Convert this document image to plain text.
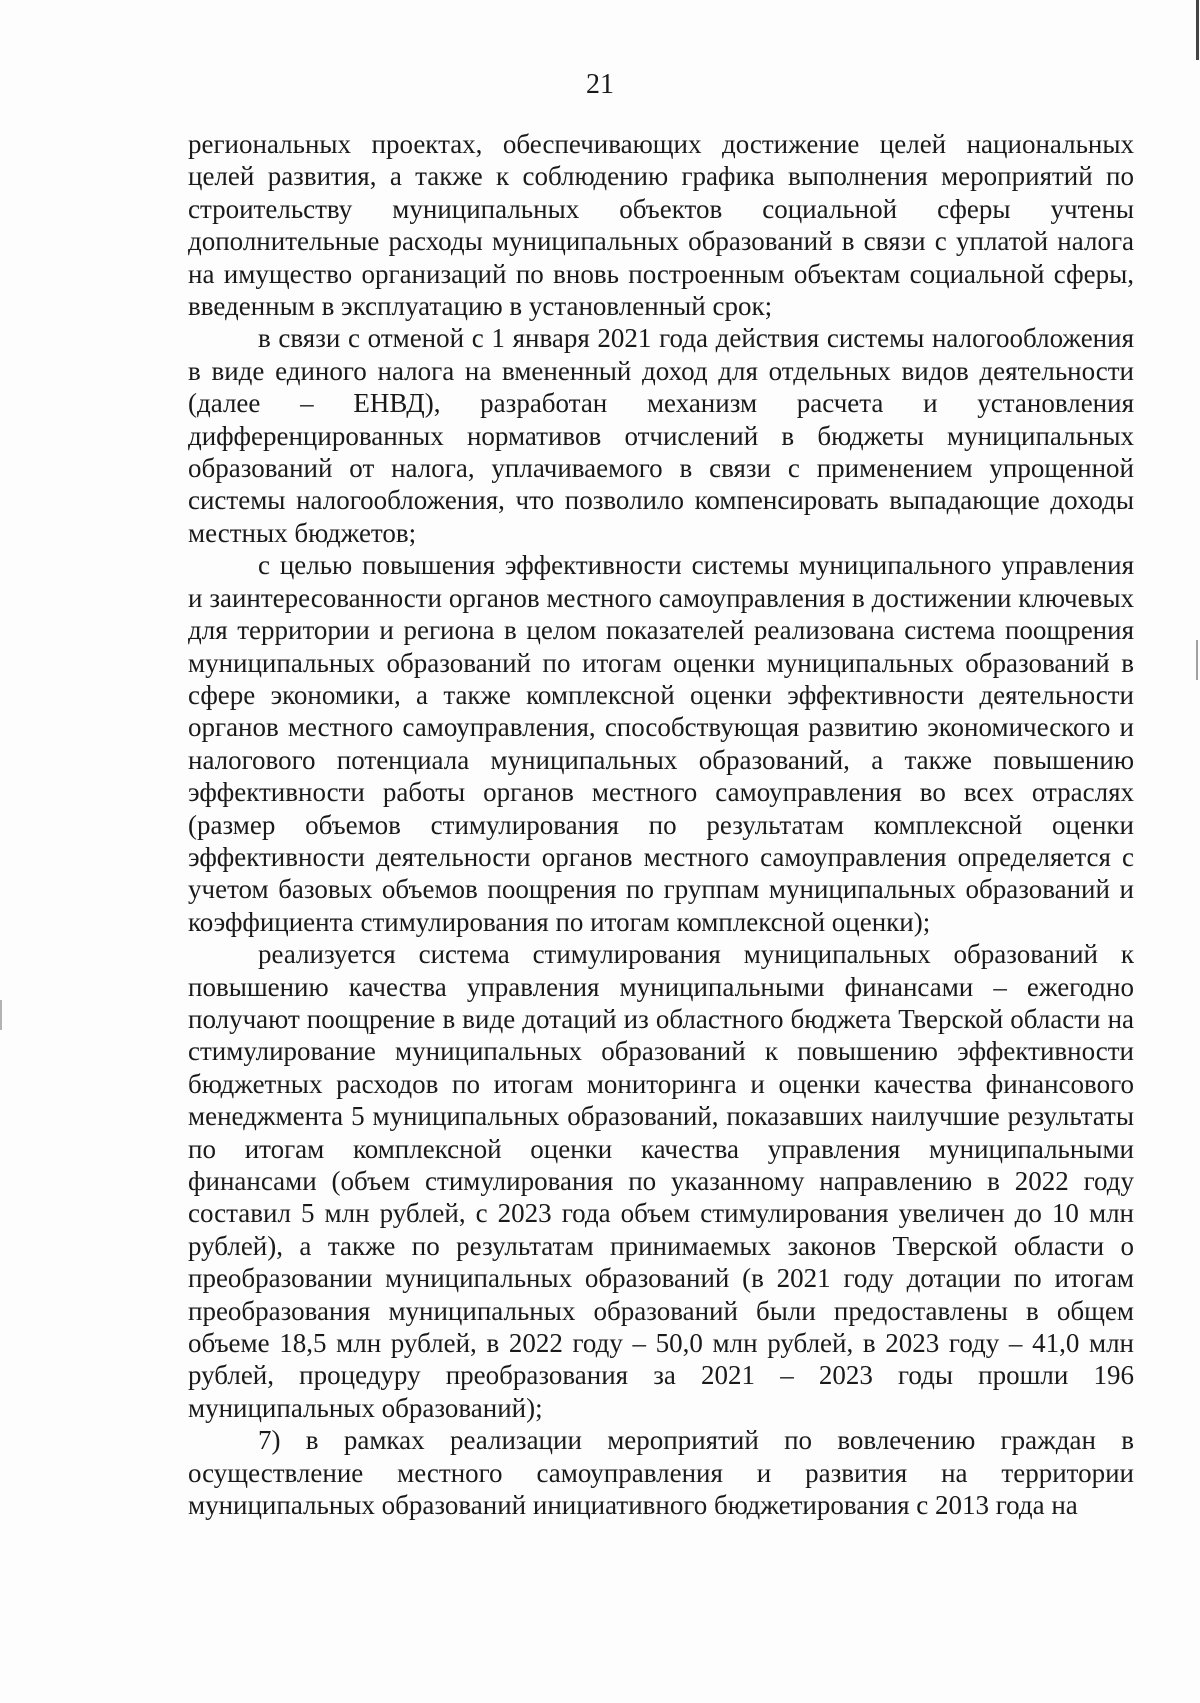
21

региональных проектах, обеспечивающих достижение целей национальных целей развития, а также к соблюдению графика выполнения мероприятий по строительству муниципальных объектов социальной сферы учтены дополнительные расходы муниципальных образований в связи с уплатой налога на имущество организаций по вновь построенным объектам социальной сферы, введенным в эксплуатацию в установленный срок;

в связи с отменой с 1 января 2021 года действия системы налогообложения в виде единого налога на вмененный доход для отдельных видов деятельности (далее – ЕНВД), разработан механизм расчета и установления дифференцированных нормативов отчислений в бюджеты муниципальных образований от налога, уплачиваемого в связи с применением упрощенной системы налогообложения, что позволило компенсировать выпадающие доходы местных бюджетов;

с целью повышения эффективности системы муниципального управления и заинтересованности органов местного самоуправления в достижении ключевых для территории и региона в целом показателей реализована система поощрения муниципальных образований по итогам оценки муниципальных образований в сфере экономики, а также комплексной оценки эффективности деятельности органов местного самоуправления, способствующая развитию экономического и налогового потенциала муниципальных образований, а также повышению эффективности работы органов местного самоуправления во всех отраслях (размер объемов стимулирования по результатам комплексной оценки эффективности деятельности органов местного самоуправления определяется с учетом базовых объемов поощрения по группам муниципальных образований и коэффициента стимулирования по итогам комплексной оценки);

реализуется система стимулирования муниципальных образований к повышению качества управления муниципальными финансами – ежегодно получают поощрение в виде дотаций из областного бюджета Тверской области на стимулирование муниципальных образований к повышению эффективности бюджетных расходов по итогам мониторинга и оценки качества финансового менеджмента 5 муниципальных образований, показавших наилучшие результаты по итогам комплексной оценки качества управления муниципальными финансами (объем стимулирования по указанному направлению в 2022 году составил 5 млн рублей, с 2023 года объем стимулирования увеличен до 10 млн рублей), а также по результатам принимаемых законов Тверской области о преобразовании муниципальных образований (в 2021 году дотации по итогам преобразования муниципальных образований были предоставлены в общем объеме 18,5 млн рублей, в 2022 году – 50,0 млн рублей, в 2023 году – 41,0 млн рублей, процедуру преобразования за 2021 – 2023 годы прошли 196 муниципальных образований);

7) в рамках реализации мероприятий по вовлечению граждан в осуществление местного самоуправления и развития на территории муниципальных образований инициативного бюджетирования с 2013 года на
